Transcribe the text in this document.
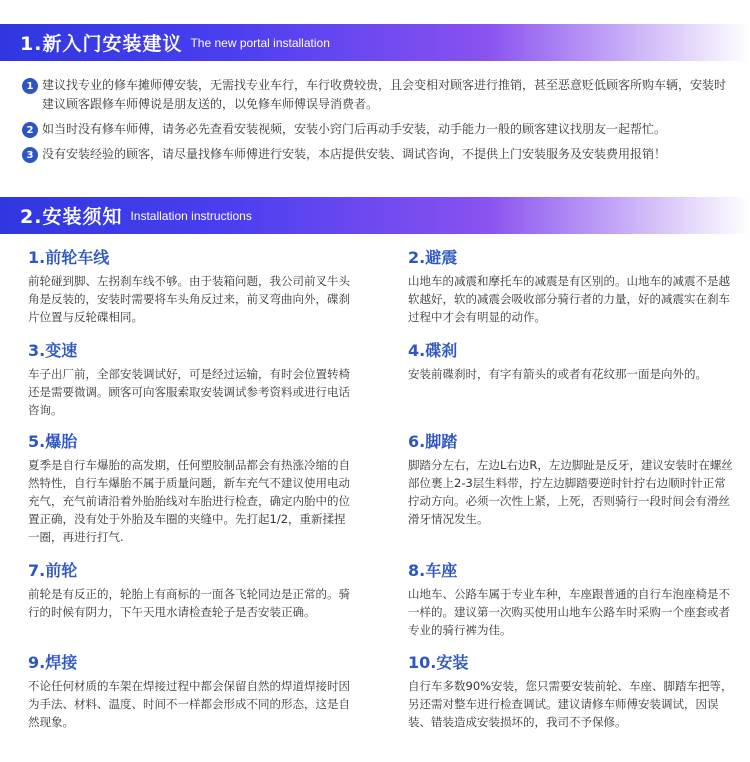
1.新入门安装建议 The new portal installation
1 建议找专业的修车摊师傅安装，无需找专业车行，车行收费较贵，且会变相对顾客进行推销，甚至恶意贬低顾客所购车辆，安装时建议顾客跟修车师傅说是朋友送的，以免修车师傅误导消费者。
2 如当时没有修车师傅，请务必先查看安装视频，安装小窍门后再动手安装，动手能力一般的顾客建议找朋友一起帮忙。
3 没有安装经验的顾客，请尽量找修车师傅进行安装，本店提供安装、调试咨询，不提供上门安装服务及安装费用报销！
2.安装须知 Installation instructions
1.前轮车线
前轮碰到脚、左拐刹车线不够。由于装箱问题，我公司前叉牛头角是反装的，安装时需要将车头角反过来，前叉弯曲向外，碟刹片位置与反轮碟相同。
2.避震
山地车的减震和摩托车的减震是有区别的。山地车的减震不是越软越好，软的减震会吸收部分骑行者的力量，好的减震实在刹车过程中才会有明显的动作。
3.变速
车子出厂前，全部安装调试好，可是经过运输，有时会位置转椅还是需要微调。顾客可向客服索取安装调试参考资料或进行电话咨询。
4.碟刹
安装前碟刹时，有字有箭头的或者有花纹那一面是向外的。
5.爆胎
夏季是自行车爆胎的高发期，任何塑胶制品都会有热涨冷缩的自然特性，自行车爆胎不属于质量问题，新车充气不建议使用电动充气，充气前请沿着外胎胎线对车胎进行检查，确定内胎中的位置正确，没有处于外胎及车圈的夹缝中。先打起1/2，重新揉捏一圈，再进行打气.
6.脚踏
脚踏分左右，左边L右边R，左边脚趾是反牙，建议安装时在螺丝部位裹上2-3层生料带，拧左边脚踏要逆时针拧右边顺时针正常拧动方向。必须一次性上紧，上死，否则骑行一段时间会有滑丝滑牙情况发生。
7.前轮
前轮是有反正的，轮胎上有商标的一面各飞轮同边是正常的。骑行的时候有阴力，下午天甩水请检查轮子是否安装正确。
8.车座
山地车、公路车属于专业车种，车座跟普通的自行车泡座椅是不一样的。建议第一次购买使用山地车公路车时采购一个座套或者专业的骑行裤为佳。
9.焊接
不论任何材质的车架在焊接过程中都会保留自然的焊道焊接时因为手法、材料、温度、时间不一样都会形成不同的形态，这是自然现象。
10.安装
自行车多数90%安装，您只需要安装前轮、车座、脚踏车把等，另还需对整车进行检查调试。建议请修车师傅安装调试，因误装、错装造成安装损坏的，我司不予保修。
